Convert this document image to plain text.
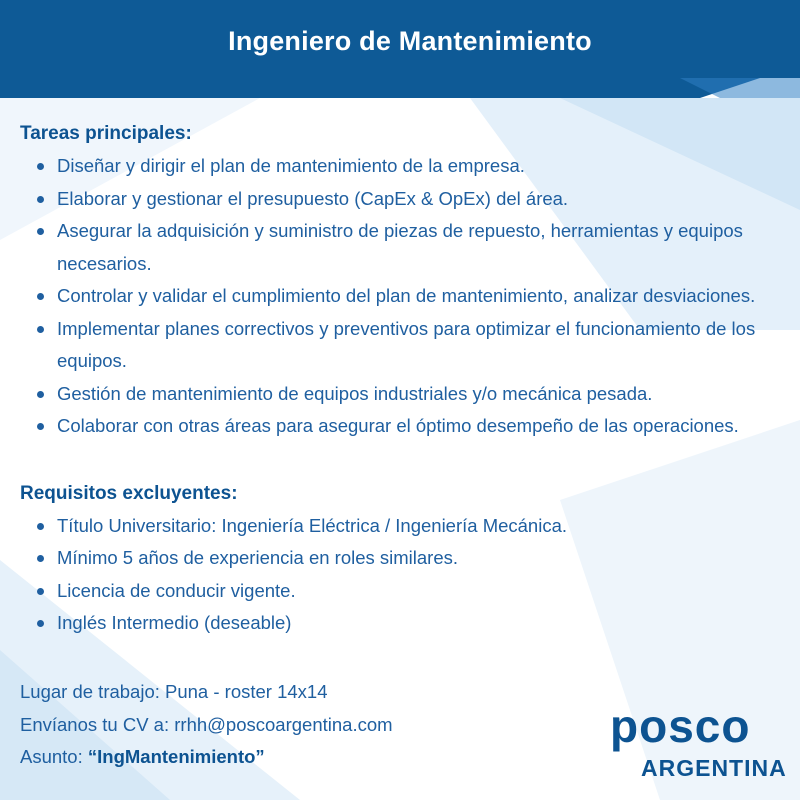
Ingeniero de Mantenimiento
Tareas principales:
Diseñar y dirigir el plan de mantenimiento de la empresa.
Elaborar y gestionar el presupuesto (CapEx & OpEx) del área.
Asegurar la adquisición y suministro de piezas de repuesto, herramientas y equipos
necesarios.
Controlar y validar el cumplimiento del plan de mantenimiento, analizar desviaciones.
Implementar planes correctivos y preventivos para optimizar el funcionamiento de los
equipos.
Gestión de mantenimiento de equipos industriales y/o mecánica pesada.
Colaborar con otras áreas para asegurar el óptimo desempeño de las operaciones.
Requisitos excluyentes:
Título Universitario: Ingeniería Eléctrica / Ingeniería Mecánica.
Mínimo 5 años de experiencia en roles similares.
Licencia de conducir vigente.
Inglés Intermedio (deseable)
Lugar de trabajo: Puna - roster 14x14
Envíanos tu CV a: rrhh@poscoargentina.com
Asunto: “IngMantenimiento”
posco
ARGENTINA
